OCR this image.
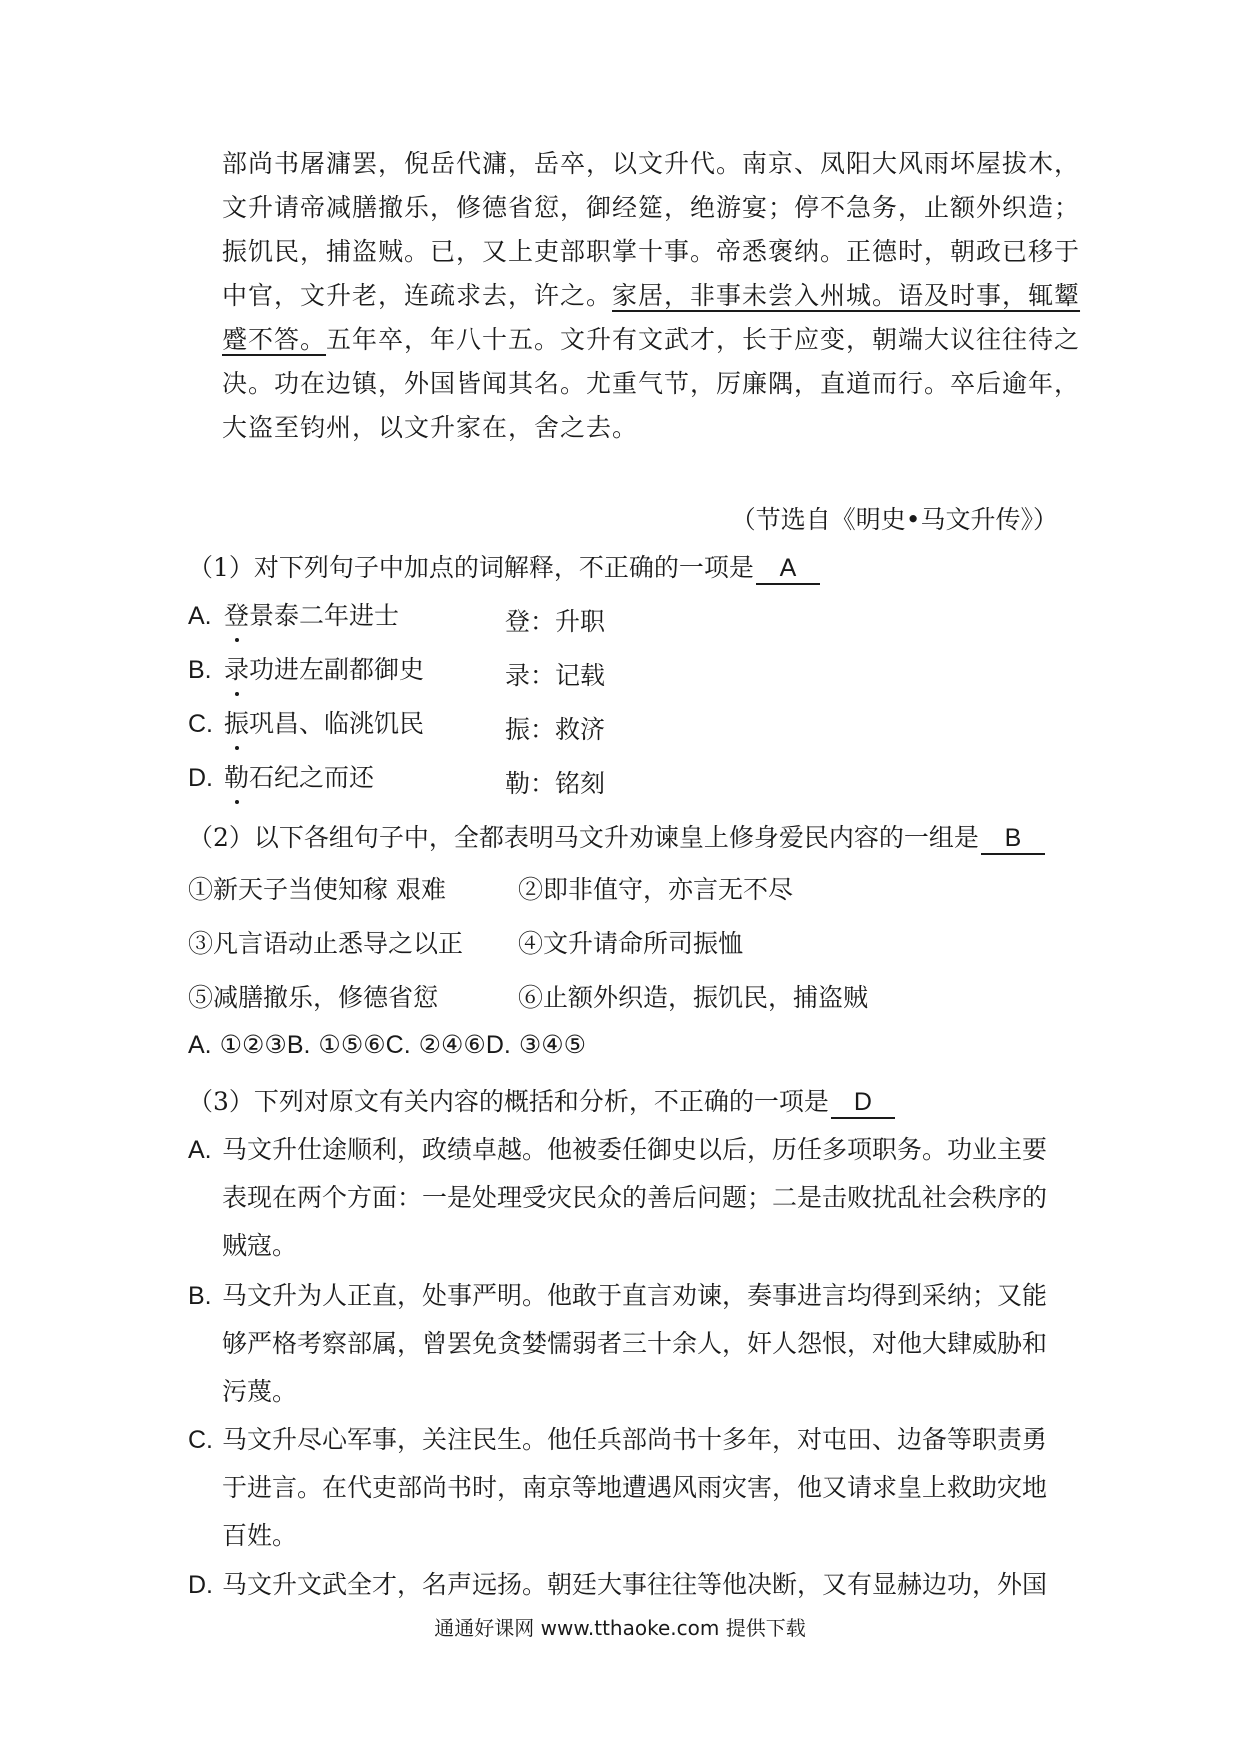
部尚书屠滽罢，倪岳代滽，岳卒，以文升代。南京、凤阳大风雨坏屋拔木，
文升请帝减膳撤乐，修德省愆，御经筵，绝游宴；停不急务，止额外织造；
振饥民，捕盗贼。已，又上吏部职掌十事。帝悉褒纳。正德时，朝政已移于
中官，文升老，连疏求去，许之。家居，非事未尝入州城。语及时事，辄颦
蹙不答。五年卒，年八十五。文升有文武才，长于应变，朝端大议往往待之
决。功在边镇，外国皆闻其名。尤重气节，厉廉隅，直道而行。卒后逾年，
大盗至钧州，以文升家在，舍之去。
（节选自《明史•马文升传》）
（1）对下列句子中加点的词解释，不正确的一项是 A
A. 登景泰二年进士	登：升职
B. 录功进左副都御史	录：记载
C. 振巩昌、临洮饥民	振：救济
D. 勒石纪之而还	勒：铭刻
（2）以下各组句子中，全都表明马文升劝谏皇上修身爱民内容的一组是 B
①新天子当使知稼 艰难	②即非值守，亦言无不尽
③凡言语动止悉导之以正 ④文升请命所司振恤
⑤减膳撤乐，修德省愆	⑥止额外织造，振饥民，捕盗贼
A. ①②③B. ①⑤⑥C. ②④⑥D. ③④⑤
（3）下列对原文有关内容的概括和分析，不正确的一项是 D
A. 马文升仕途顺利，政绩卓越。他被委任御史以后，历任多项职务。功业主要
表现在两个方面：一是处理受灾民众的善后问题；二是击败扰乱社会秩序的
贼寇。
B. 马文升为人正直，处事严明。他敢于直言劝谏，奏事进言均得到采纳；又能
够严格考察部属，曾罢免贪婪懦弱者三十余人，奸人怨恨，对他大肆威胁和
污蔑。
C. 马文升尽心军事，关注民生。他任兵部尚书十多年，对屯田、边备等职责勇
于进言。在代吏部尚书时，南京等地遭遇风雨灾害，他又请求皇上救助灾地
百姓。
D. 马文升文武全才，名声远扬。朝廷大事往往等他决断，又有显赫边功，外国
通通好课网 www.tthaoke.com 提供下载
